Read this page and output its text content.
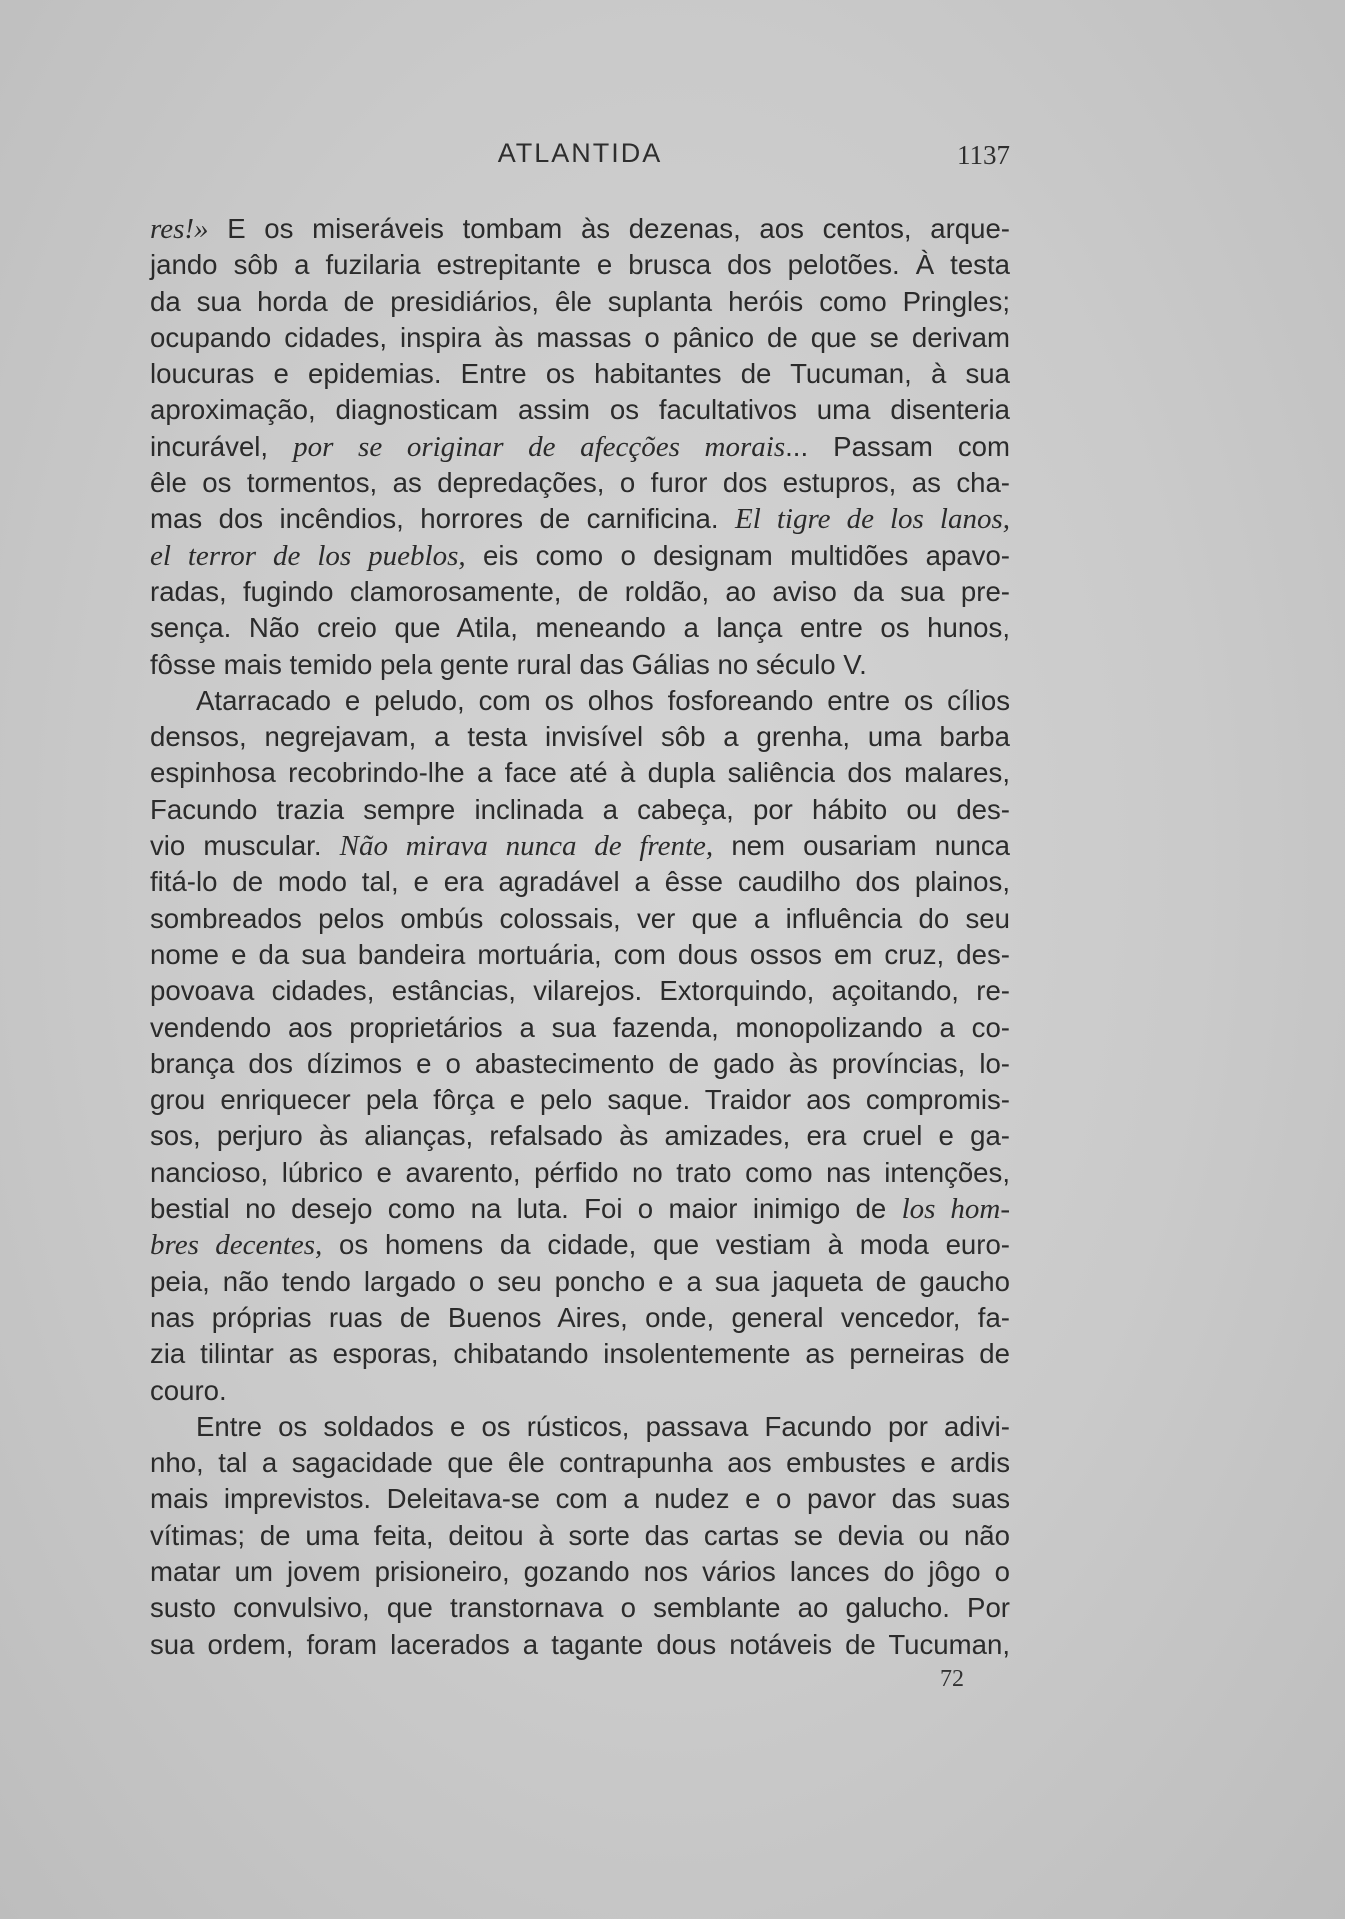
ATLANTIDA	1137
res!» E os miseráveis tombam às dezenas, aos centos, arque-
jando sôb a fuzilaria estrepitante e brusca dos pelotões. À testa
da sua horda de presidiários, êle suplanta heróis como Pringles;
ocupando cidades, inspira às massas o pânico de que se derivam
loucuras e epidemias. Entre os habitantes de Tucuman, à sua
aproximação, diagnosticam assim os facultativos uma disenteria
incurável, por se originar de afecções morais... Passam com
êle os tormentos, as depredações, o furor dos estupros, as cha-
mas dos incêndios, horrores de carnificina. El tigre de los lanos,
el terror de los pueblos, eis como o designam multidões apavo-
radas, fugindo clamorosamente, de roldão, ao aviso da sua pre-
sença. Não creio que Atila, meneando a lança entre os hunos,
fôsse mais temido pela gente rural das Gálias no século V.
Atarracado e peludo, com os olhos fosforeando entre os cílios
densos, negrejavam, a testa invisível sôb a grenha, uma barba
espinhosa recobrindo-lhe a face até à dupla saliência dos malares,
Facundo trazia sempre inclinada a cabeça, por hábito ou des-
vio muscular. Não mirava nunca de frente, nem ousariam nunca
fitá-lo de modo tal, e era agradável a êsse caudilho dos plainos,
sombreados pelos ombús colossais, ver que a influência do seu
nome e da sua bandeira mortuária, com dous ossos em cruz, des-
povoava cidades, estâncias, vilarejos. Extorquindo, açoitando, re-
vendendo aos proprietários a sua fazenda, monopolizando a co-
brança dos dízimos e o abastecimento de gado às províncias, lo-
grou enriquecer pela fôrça e pelo saque. Traidor aos compromis-
sos, perjuro às alianças, refalsado às amizades, era cruel e ga-
nancioso, lúbrico e avarento, pérfido no trato como nas intenções,
bestial no desejo como na luta. Foi o maior inimigo de los hom-
bres decentes, os homens da cidade, que vestiam à moda euro-
peia, não tendo largado o seu poncho e a sua jaqueta de gaucho
nas próprias ruas de Buenos Aires, onde, general vencedor, fa-
zia tilintar as esporas, chibatando insolentemente as perneiras de
couro.
Entre os soldados e os rústicos, passava Facundo por adivi-
nho, tal a sagacidade que êle contrapunha aos embustes e ardis
mais imprevistos. Deleitava-se com a nudez e o pavor das suas
vítimas; de uma feita, deitou à sorte das cartas se devia ou não
matar um jovem prisioneiro, gozando nos vários lances do jôgo o
susto convulsivo, que transtornava o semblante ao galucho. Por
sua ordem, foram lacerados a tagante dous notáveis de Tucuman,
72
